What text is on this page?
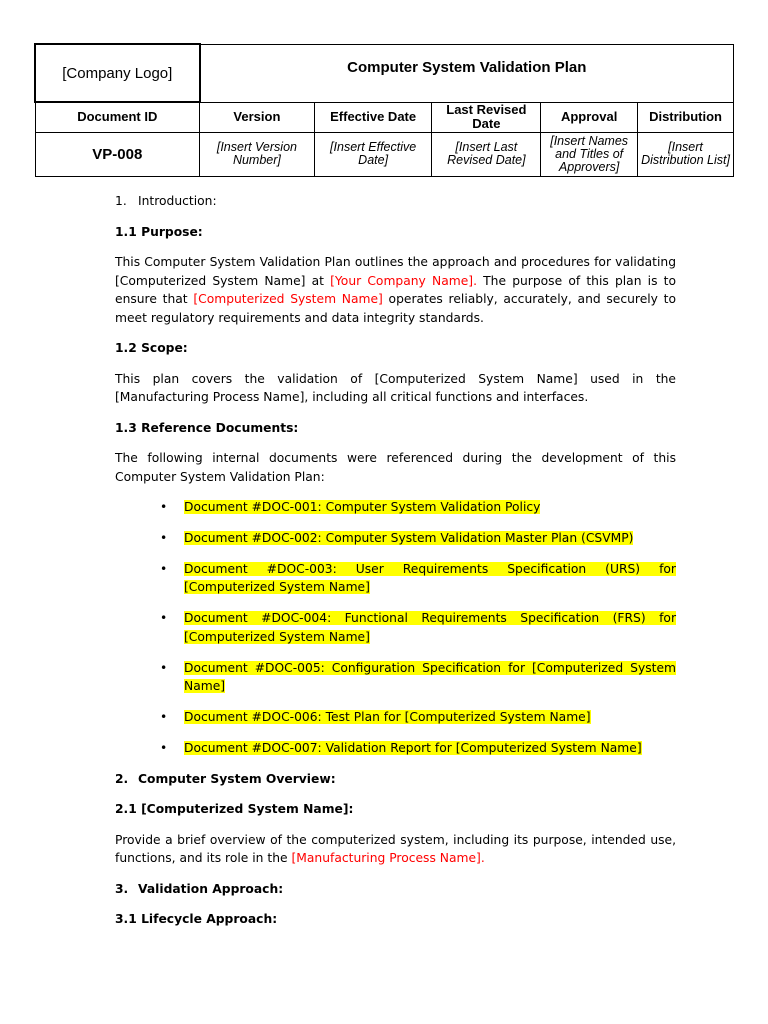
[Company Logo]	Computer System Validation Plan				
Document ID	Version	Effective Date	Last Revised Date	Approval	Distribution
VP-008	[Insert Version Number]	[Insert Effective Date]	[Insert Last Revised Date]	[Insert Names and Titles of Approvers]	[Insert Distribution List]

1. Introduction:

1.1 Purpose:

This Computer System Validation Plan outlines the approach and procedures for validating [Computerized System Name] at [Your Company Name]. The purpose of this plan is to ensure that [Computerized System Name] operates reliably, accurately, and securely to meet regulatory requirements and data integrity standards.

1.2 Scope:

This plan covers the validation of [Computerized System Name] used in the [Manufacturing Process Name], including all critical functions and interfaces.

1.3 Reference Documents:

The following internal documents were referenced during the development of this Computer System Validation Plan:

• Document #DOC-001: Computer System Validation Policy
• Document #DOC-002: Computer System Validation Master Plan (CSVMP)
• Document #DOC-003: User Requirements Specification (URS) for [Computerized System Name]
• Document #DOC-004: Functional Requirements Specification (FRS) for [Computerized System Name]
• Document #DOC-005: Configuration Specification for [Computerized System Name]
• Document #DOC-006: Test Plan for [Computerized System Name]
• Document #DOC-007: Validation Report for [Computerized System Name]

2. Computer System Overview:

2.1 [Computerized System Name]:

Provide a brief overview of the computerized system, including its purpose, intended use, functions, and its role in the [Manufacturing Process Name].

3. Validation Approach:

3.1 Lifecycle Approach:
